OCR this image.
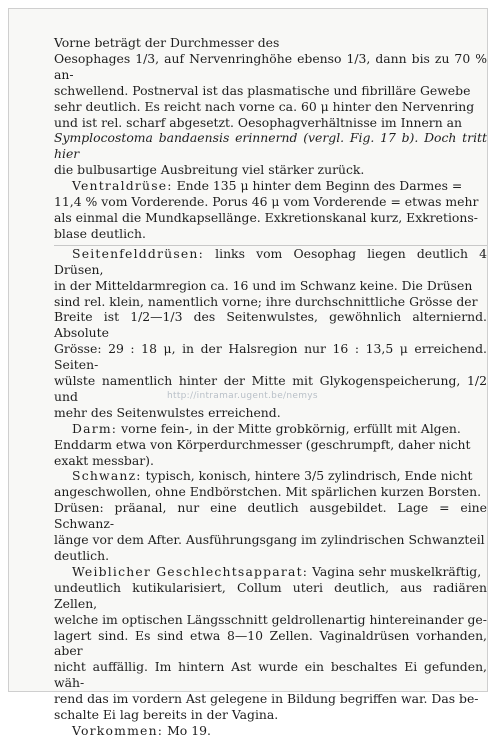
Vorne beträgt der Durchmesser des
Oesophages 1/3, auf Nervenringhöhe ebenso 1/3, dann bis zu 70 % an-
schwellend. Postnerval ist das plasmatische und fibrilläre Gewebe
sehr deutlich. Es reicht nach vorne ca. 60 μ hinter den Nervenring
und ist rel. scharf abgesetzt. Oesophagverhältnisse im Innern an
Symplocostoma bandaensis erinnernd (vergl. Fig. 17 b). Doch tritt hier
die bulbusartige Ausbreitung viel stärker zurück.

Ventraldrüse: Ende 135 μ hinter dem Beginn des Darmes =
11,4 % vom Vorderende. Porus 46 μ vom Vorderende = etwas mehr
als einmal die Mundkapsellänge. Exkretionskanal kurz, Exkretions-
blase deutlich.

Seitenfelddrüsen: links vom Oesophag liegen deutlich 4 Drüsen,
in der Mitteldarmregion ca. 16 und im Schwanz keine. Die Drüsen
sind rel. klein, namentlich vorne; ihre durchschnittliche Grösse der
Breite ist 1/2—1/3 des Seitenwulstes, gewöhnlich alterniernd. Absolute
Grösse: 29 : 18 μ, in der Halsregion nur 16 : 13,5 μ erreichend. Seiten-
wülste namentlich hinter der Mitte mit Glykogenspeicherung, 1/2 und
mehr des Seitenwulstes erreichend.

Darm: vorne fein-, in der Mitte grobkörnig, erfüllt mit Algen.
Enddarm etwa von Körperdurchmesser (geschrumpft, daher nicht
exakt messbar).

Schwanz: typisch, konisch, hintere 3/5 zylindrisch, Ende nicht
angeschwollen, ohne Endbörstchen. Mit spärlichen kurzen Borsten.
Drüsen: präanal, nur eine deutlich ausgebildet. Lage = eine Schwanz-
länge vor dem After. Ausführungsgang im zylindrischen Schwanzteil
deutlich.

Weiblicher Geschlechtsapparat: Vagina sehr muskelkräftig,
undeutlich kutikularisiert, Collum uteri deutlich, aus radiären Zellen,
welche im optischen Längsschnitt geldrollenartig hintereinander ge-
lagert sind. Es sind etwa 8—10 Zellen. Vaginaldrüsen vorhanden, aber
nicht auffällig. Im hintern Ast wurde ein beschaltes Ei gefunden, wäh-
rend das im vordern Ast gelegene in Bildung begriffen war. Das be-
schalte Ei lag bereits in der Vagina.

Vorkommen: Mo 19.

http://intramar.ugent.be/nemys
